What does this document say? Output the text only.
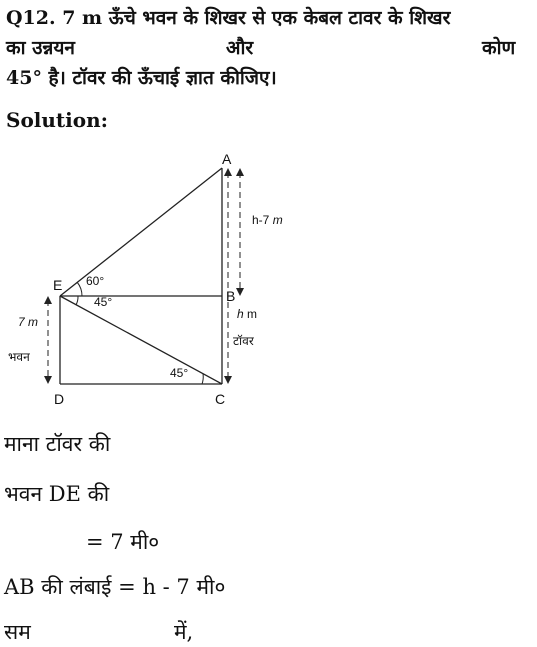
Q12. 7 m ऊँचे भवन के शिखर से एक केबल टावर के शिखर
का उन्नयन	और	कोण
45° है। टॉवर की ऊँचाई ज्ञात कीजिए।
Solution:
A
B
C
D
E 60°
45°
45°
h-7 m
h m
टॉवर
7 m
भवन
माना टॉवर की
भवन DE की
= 7 मी०
AB की लंबाई = h - 7 मी०
सम	में,
